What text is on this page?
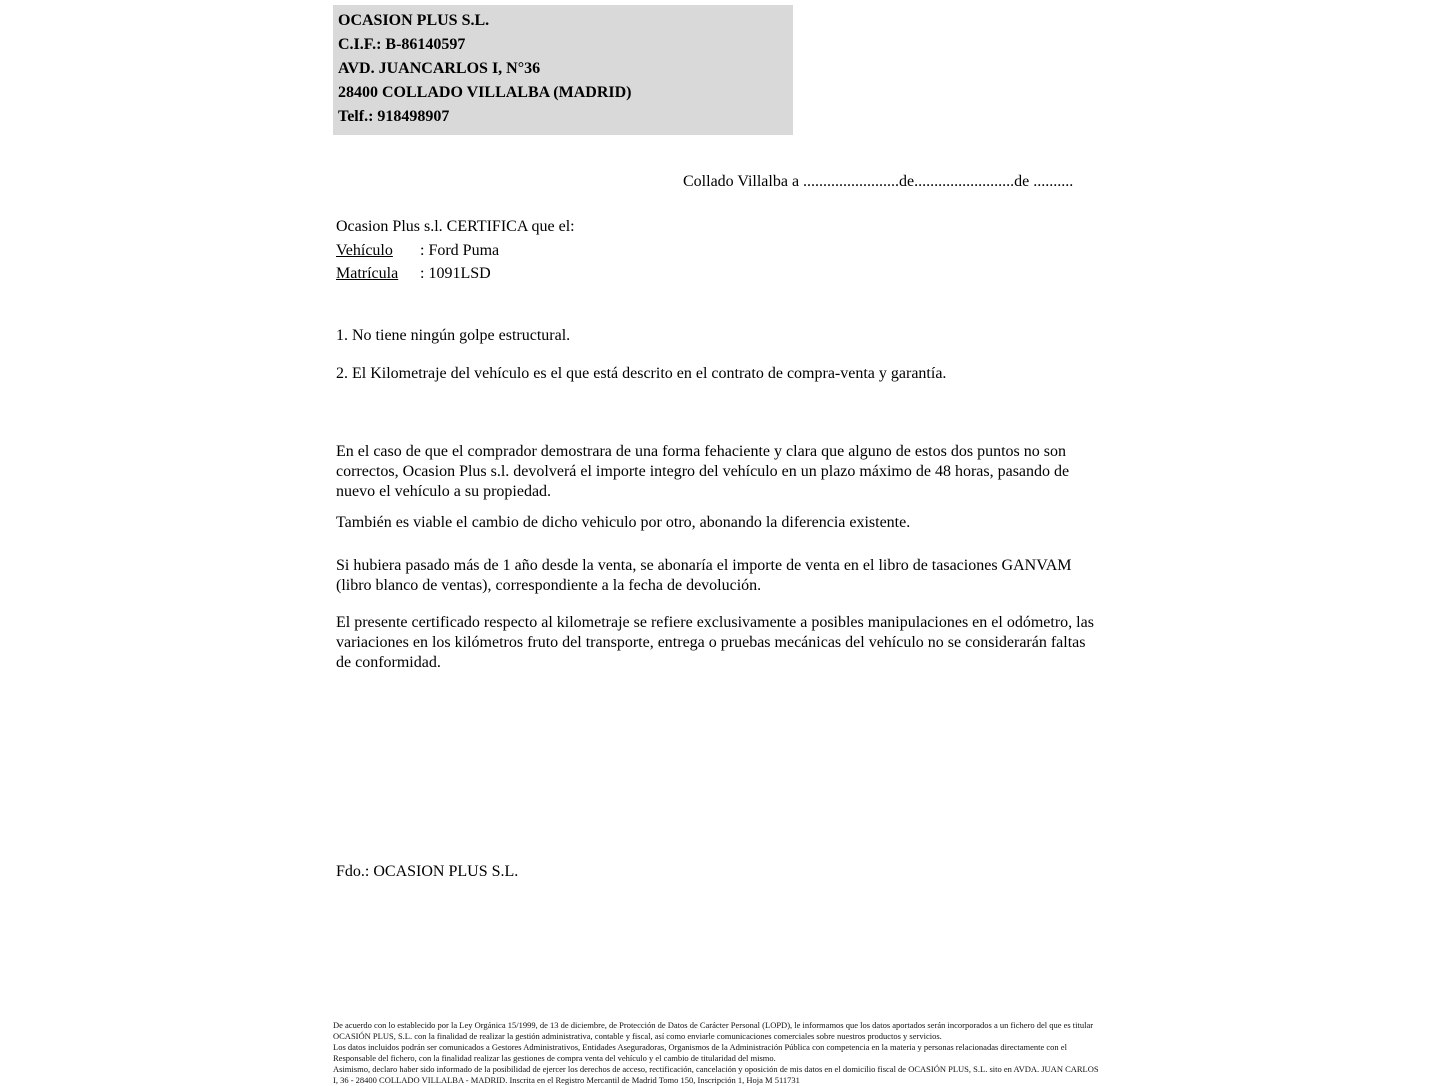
OCASION PLUS S.L.
C.I.F.: B-86140597
AVD. JUANCARLOS I, N°36
28400 COLLADO VILLALBA (MADRID)
Telf.: 918498907
Collado Villalba a ........................de.........................de ..........
Ocasion Plus s.l. CERTIFICA que el:
Vehículo : Ford Puma
Matrícula : 1091LSD
1. No tiene ningún golpe estructural.
2. El Kilometraje del vehículo es el que está descrito en el contrato de compra-venta y garantía.
En el caso de que el comprador demostrara de una forma fehaciente y clara que alguno de estos dos puntos no son correctos, Ocasion Plus s.l. devolverá el importe integro del vehículo en un plazo máximo de 48 horas, pasando de nuevo el vehículo a su propiedad.
También es viable el cambio de dicho vehiculo por otro, abonando la diferencia existente.
Si hubiera pasado más de 1 año desde la venta, se abonaría el importe de venta en el libro de tasaciones GANVAM (libro blanco de ventas), correspondiente a la fecha de devolución.
El presente certificado respecto al kilometraje se refiere exclusivamente a posibles manipulaciones en el odómetro, las variaciones en los kilómetros fruto del transporte, entrega o pruebas mecánicas del vehículo no se considerarán faltas de conformidad.
Fdo.: OCASION PLUS S.L.

De acuerdo con lo establecido por la Ley Orgánica 15/1999, de 13 de diciembre, de Protección de Datos de Carácter Personal (LOPD), le informamos que los datos aportados serán incorporados a un fichero del que es titular OCASIÓN PLUS, S.L. con la finalidad de realizar la gestión administrativa, contable y fiscal, así como enviarle comunicaciones comerciales sobre nuestros productos y servicios.

Los datos incluidos podrán ser comunicados a Gestores Administrativos, Entidades Aseguradoras, Organismos de la Administración Pública con competencia en la materia y personas relacionadas directamente con el Responsable del fichero, con la finalidad realizar las gestiones de compra venta del vehículo y el cambio de titularidad del mismo.

Asimismo, declaro haber sido informado de la posibilidad de ejercer los derechos de acceso, rectificación, cancelación y oposición de mis datos en el domicilio fiscal de OCASIÓN PLUS, S.L. sito en AVDA. JUAN CARLOS I, 36 - 28400 COLLADO VILLALBA - MADRID. Inscrita en el Registro Mercantil de Madrid Tomo 150, Inscripción 1, Hoja M 511731
